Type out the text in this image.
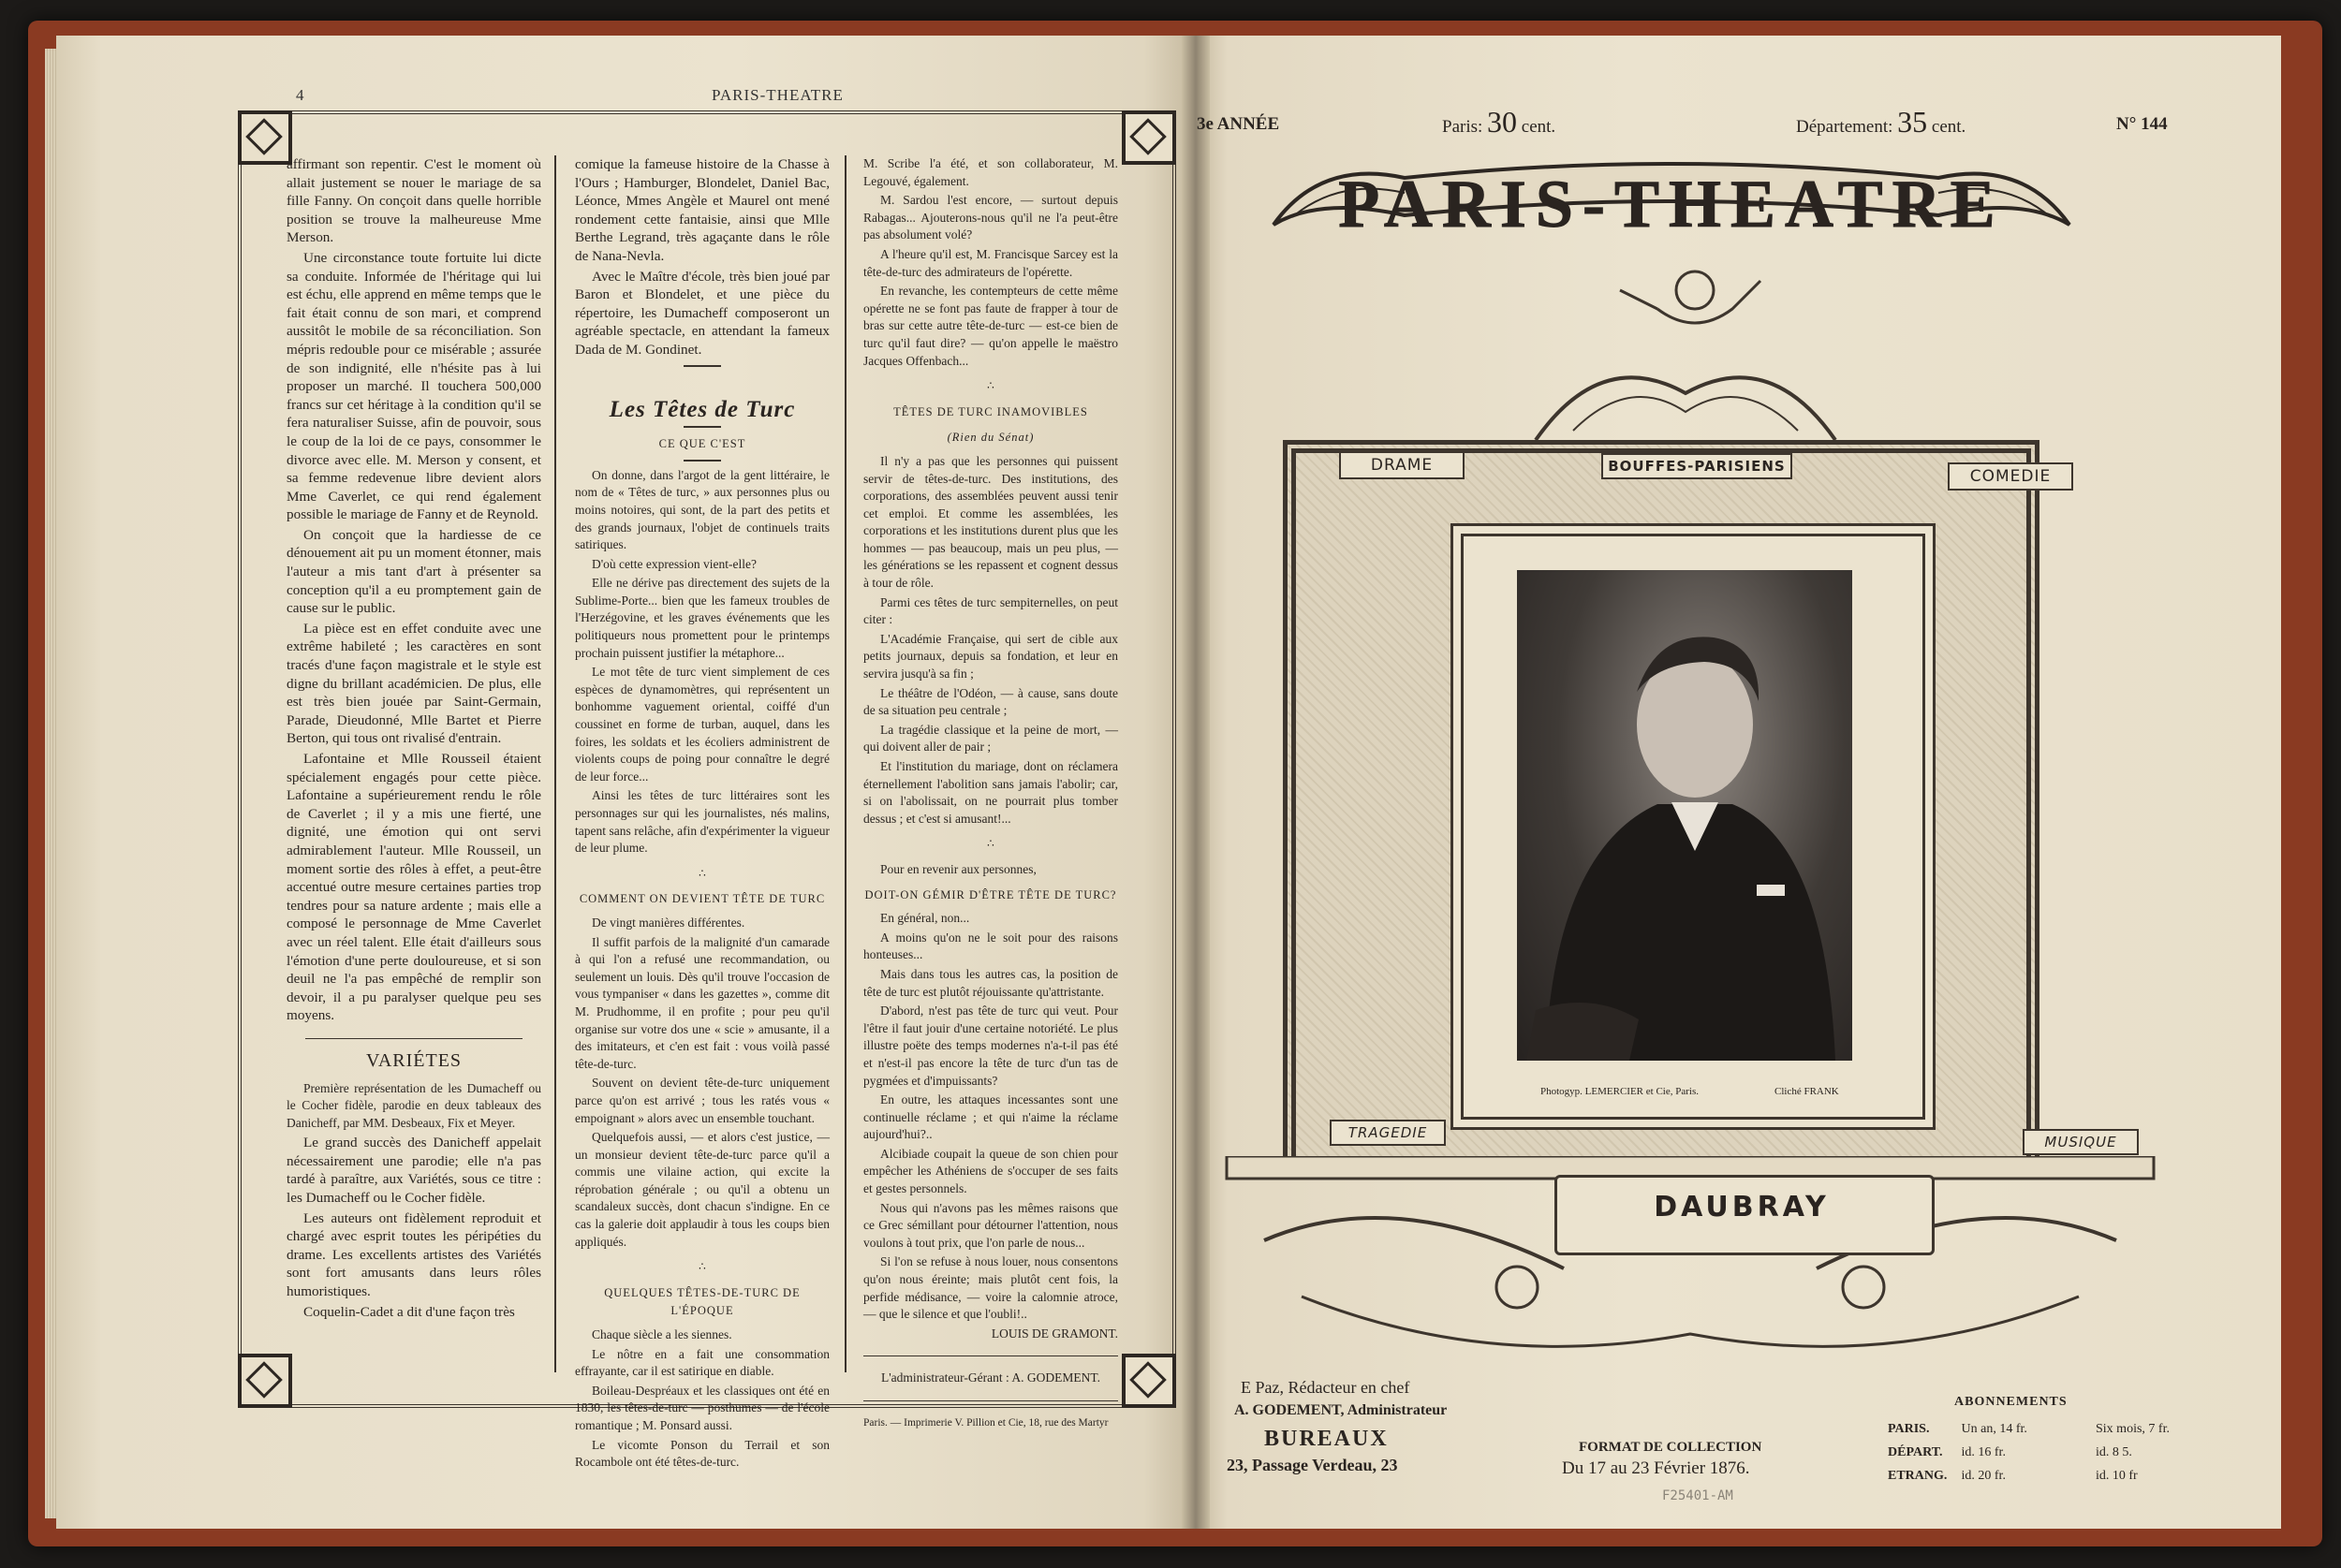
4	PARIS-THEATRE

affirmant son repentir. C'est le moment où allait justement se nouer le mariage de sa fille Fanny. On conçoit dans quelle horrible position se trouve la malheureuse Mme Merson.

Une circonstance toute fortuite lui dicte sa conduite. Informée de l'héritage qui lui est échu, elle apprend en même temps que le fait était connu de son mari, et comprend aussitôt le mobile de sa réconciliation. Son mépris redouble pour ce misérable ; assurée de son indignité, elle n'hésite pas à lui proposer un marché. Il touchera 500,000 francs sur cet héritage à la condition qu'il se fera naturaliser Suisse, afin de pouvoir, sous le coup de la loi de ce pays, consommer le divorce avec elle. M. Merson y consent, et sa femme redevenue libre devient alors Mme Caverlet, ce qui rend également possible le mariage de Fanny et de Reynold.

On conçoit que la hardiesse de ce dénouement ait pu un moment étonner, mais l'auteur a mis tant d'art à présenter sa conception qu'il a eu promptement gain de cause sur le public.

La pièce est en effet conduite avec une extrême habileté ; les caractères en sont tracés d'une façon magistrale et le style est digne du brillant académicien. De plus, elle est très bien jouée par Saint-Germain, Parade, Dieudonné, Mlle Bartet et Pierre Berton, qui tous ont rivalisé d'entrain.

Lafontaine et Mlle Rousseil étaient spécialement engagés pour cette pièce. Lafontaine a supérieurement rendu le rôle de Caverlet ; il y a mis une fierté, une dignité, une émotion qui ont servi admirablement l'auteur. Mlle Rousseil, un moment sortie des rôles à effet, a peut-être accentué outre mesure certaines parties trop tendres pour sa nature ardente ; mais elle a composé le personnage de Mme Caverlet avec un réel talent. Elle était d'ailleurs sous l'émotion d'une perte douloureuse, et si son deuil ne l'a pas empêché de remplir son devoir, il a pu paralyser quelque peu ses moyens.

VARIÉTES

Première représentation de les Dumacheff ou le Cocher fidèle, parodie en deux tableaux des Danicheff, par MM. Desbeaux, Fix et Meyer.

Le grand succès des Danicheff appelait nécessairement une parodie; elle n'a pas tardé à paraître, aux Variétés, sous ce titre : les Dumacheff ou le Cocher fidèle.

Les auteurs ont fidèlement reproduit et chargé avec esprit toutes les péripéties du drame. Les excellents artistes des Variétés sont fort amusants dans leurs rôles humoristiques.

Coquelin-Cadet a dit d'une façon très

comique la fameuse histoire de la Chasse à l'Ours ; Hamburger, Blondelet, Daniel Bac, Léonce, Mmes Angèle et Maurel ont mené rondement cette fantaisie, ainsi que Mlle Berthe Legrand, très agaçante dans le rôle de Nana-Nevla.

Avec le Maître d'école, très bien joué par Baron et Blondelet, et une pièce du répertoire, les Dumacheff composeront un agréable spectacle, en attendant la fameux Dada de M. Gondinet.

Les Têtes de Turc
CE QUE C'EST

On donne, dans l'argot de la gent littéraire, le nom de « Têtes de turc, » aux personnes plus ou moins notoires, qui sont, de la part des petits et des grands journaux, l'objet de continuels traits satiriques.

D'où cette expression vient-elle?

Elle ne dérive pas directement des sujets de la Sublime-Porte... bien que les fameux troubles de l'Herzégovine, et les graves événements que les politiqueurs nous promettent pour le printemps prochain puissent justifier la métaphore...

Le mot tête de turc vient simplement de ces espèces de dynamomètres, qui représentent un bonhomme vaguement oriental, coiffé d'un coussinet en forme de turban, auquel, dans les foires, les soldats et les écoliers administrent de violents coups de poing pour connaître le degré de leur force...

Ainsi les têtes de turc littéraires sont les personnages sur qui les journalistes, nés malins, tapent sans relâche, afin d'expérimenter la vigueur de leur plume.

∴
COMMENT ON DEVIENT TÊTE DE TURC

De vingt manières différentes.

Il suffit parfois de la malignité d'un camarade à qui l'on a refusé une recommandation, ou seulement un louis. Dès qu'il trouve l'occasion de vous tympaniser « dans les gazettes », comme dit M. Prudhomme, il en profite ; pour peu qu'il organise sur votre dos une « scie » amusante, il a des imitateurs, et c'en est fait : vous voilà passé tête-de-turc.

Souvent on devient tête-de-turc uniquement parce qu'on est arrivé ; tous les ratés vous « empoignant » alors avec un ensemble touchant.

Quelquefois aussi, — et alors c'est justice, — un monsieur devient tête-de-turc parce qu'il a commis une vilaine action, qui excite la réprobation générale ; ou qu'il a obtenu un scandaleux succès, dont chacun s'indigne. En ce cas la galerie doit applaudir à tous les coups bien appliqués.

∴
QUELQUES TÊTES-DE-TURC DE L'ÉPOQUE

Chaque siècle a les siennes.

Le nôtre en a fait une consommation effrayante, car il est satirique en diable.

Boileau-Despréaux et les classiques ont été en 1830, les têtes-de-turc — posthumes — de l'école romantique ; M. Ponsard aussi.

Le vicomte Ponson du Terrail et son Rocambole ont été têtes-de-turc.

M. Scribe l'a été, et son collaborateur, M. Legouvé, également.

M. Sardou l'est encore, — surtout depuis Rabagas... Ajouterons-nous qu'il ne l'a peut-être pas absolument volé?

A l'heure qu'il est, M. Francisque Sarcey est la tête-de-turc des admirateurs de l'opérette.

En revanche, les contempteurs de cette même opérette ne se font pas faute de frapper à tour de bras sur cette autre tête-de-turc — est-ce bien de turc qu'il faut dire? — qu'on appelle le maëstro Jacques Offenbach...

∴
TÊTES DE TURC INAMOVIBLES
(Rien du Sénat)

Il n'y a pas que les personnes qui puissent servir de têtes-de-turc. Des institutions, des corporations, des assemblées peuvent aussi tenir cet emploi. Et comme les assemblées, les corporations et les institutions durent plus que les hommes — pas beaucoup, mais un peu plus, — les générations se les repassent et cognent dessus à tour de rôle.

Parmi ces têtes de turc sempiternelles, on peut citer :

L'Académie Française, qui sert de cible aux petits journaux, depuis sa fondation, et leur en servira jusqu'à sa fin ;

Le théâtre de l'Odéon, — à cause, sans doute de sa situation peu centrale ;

La tragédie classique et la peine de mort, — qui doivent aller de pair ;

Et l'institution du mariage, dont on réclamera éternellement l'abolition sans jamais l'abolir; car, si on l'abolissait, on ne pourrait plus tomber dessus ; et c'est si amusant!...

∴

Pour en revenir aux personnes,

DOIT-ON GÉMIR D'ÊTRE TÊTE DE TURC?

En général, non...

A moins qu'on ne le soit pour des raisons honteuses...

Mais dans tous les autres cas, la position de tête de turc est plutôt réjouissante qu'attristante.

D'abord, n'est pas tête de turc qui veut. Pour l'être il faut jouir d'une certaine notoriété. Le plus illustre poëte des temps modernes n'a-t-il pas été et n'est-il pas encore la tête de turc d'un tas de pygmées et d'impuissants?

En outre, les attaques incessantes sont une continuelle réclame ; et qui n'aime la réclame aujourd'hui?..

Alcibiade coupait la queue de son chien pour empêcher les Athéniens de s'occuper de ses faits et gestes personnels.

Nous qui n'avons pas les mêmes raisons que ce Grec sémillant pour détourner l'attention, nous voulons à tout prix, que l'on parle de nous...

Si l'on se refuse à nous louer, nous consentons qu'on nous éreinte; mais plutôt cent fois, la perfide médisance, — voire la calomnie atroce, — que le silence et que l'oubli!..

LOUIS DE GRAMONT.
L'administrateur-Gérant : A. GODEMENT.
Paris. — Imprimerie V. Pillion et Cie, 18, rue des Martyr
3e ANNÉE	Paris: 30 cent.	Département: 35 cent.	N° 144
PARIS-THEATRE
DRAME	BOUFFES-PARISIENS
COMEDIE
TRAGEDIE
MUSIQUE
Photogyp. LEMERCIER et Cie, Paris.	Cliché FRANK
DAUBRAY
E Paz, Rédacteur en chef
A. GODEMENT, Administrateur
BUREAUX
23, Passage Verdeau, 23
FORMAT DE COLLECTION
Du 17 au 23 Février 1876.
ABONNEMENTS
PARIS. Un an, 14 fr.	Six mois, 7 fr.
DÉPART. id. 16 fr.	id. 8 5.
ETRANG. id. 20 fr.	id. 10 fr
F25401-AM
